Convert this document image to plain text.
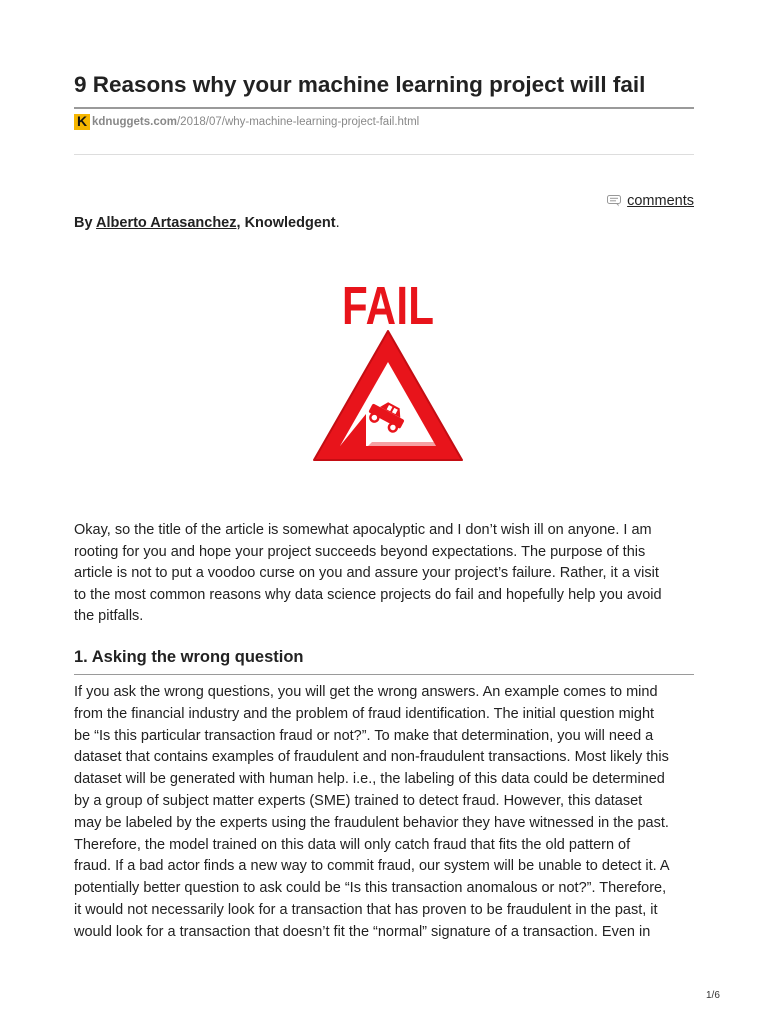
9 Reasons why your machine learning project will fail
K kdnuggets.com /2018/07/why-machine-learning-project-fail.html
comments
By Alberto Artasanchez, Knowledgent.
FAIL

Okay, so the title of the article is somewhat apocalyptic and I don’t wish ill on anyone. I am
rooting for you and hope your project succeeds beyond expectations. The purpose of this
article is not to put a voodoo curse on you and assure your project’s failure. Rather, it a visit
to the most common reasons why data science projects do fail and hopefully help you avoid
the pitfalls.

1. Asking the wrong question

If you ask the wrong questions, you will get the wrong answers. An example comes to mind
from the financial industry and the problem of fraud identification. The initial question might
be “Is this particular transaction fraud or not?”. To make that determination, you will need a
dataset that contains examples of fraudulent and non-fraudulent transactions. Most likely this
dataset will be generated with human help. i.e., the labeling of this data could be determined
by a group of subject matter experts (SME) trained to detect fraud. However, this dataset
may be labeled by the experts using the fraudulent behavior they have witnessed in the past.
Therefore, the model trained on this data will only catch fraud that fits the old pattern of
fraud. If a bad actor finds a new way to commit fraud, our system will be unable to detect it. A
potentially better question to ask could be “Is this transaction anomalous or not?”. Therefore,
it would not necessarily look for a transaction that has proven to be fraudulent in the past, it
would look for a transaction that doesn’t fit the “normal” signature of a transaction. Even in

1/6
